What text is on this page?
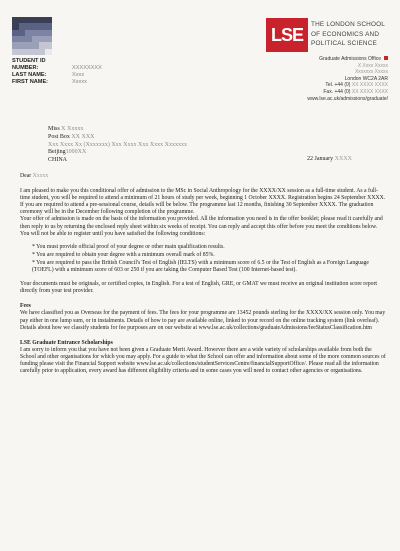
STUDENT ID NUMBER:	XXXXXXXX
LAST NAME:	Xxxx
FIRST NAME:	Xxxxx
LSE	THE LONDON SCHOOL
OF ECONOMICS AND
POLITICAL SCIENCE
Graduate Admissions Office
X Xxxx Xxxxx
Xxxxxxx Xxxxx
London WC2A 2AR
Tel. +44 (0) XX XXXX XXXX
Fax. +44 (0) XX XXXX XXXX
www.lse.ac.uk/admissions/graduate/
Miss X Xxxxx
Post Box XX XXX
Xxx Xxxx Xx (Xxxxxxx) Xxx Xxxx Xxx Xxxx Xxxxxxx
Beijing1000XX
CHINA	22 January XXXX

Dear Xxxxx

I am pleased to make you this conditional offer of admission to the MSc in Social Anthropology for the XXXX/XX session as a full-time student. As a full-time student, you will be required to attend a minimum of 21 hours of study per week, beginning 1 October XXXX. Registration begins 24 September XXXX. If you are required to attend a pre-sessional course, details will be below. The programme last 12 months, finishing 30 September XXXX. The graduation ceremony will be in the December following completion of the programme.

Your offer of admission is made on the basis of the information you provided. All the information you need is in the offer booklet; please read it carefully and then reply to us by returning the enclosed reply sheet within six weeks of receipt. You can reply and accept this offer before you meet the conditions below. You will not be able to register until you have satisfied the following conditions:

* You must provide official proof of your degree or other main qualification results.
* You are required to obtain your degree with a minimum overall mark of 85%.
* You are required to pass the British Council's Test of English (IELTS) with a minimum score of 6.5 or the Test of English as a Foreign Language (TOEFL) with a minimum score of 603 or 250 if you are taking the Computer Based Test (100 Internet-based test).

Your documents must be originals, or certified copies, in English. For a test of English, GRE, or GMAT we must receive an original institution score report directly from your test provider.

Fees

We have classified you as Overseas for the payment of fees. The fees for your programme are 13452 pounds sterling for the XXXX/XX session only. You may pay either in one lump sum, or in instalments. Details of how to pay are available online, linked to your record on the online tracking system (link overleaf). Details about how we classify students for fee purposes are on our website at www.lse.ac.uk/collections/graduateAdmissions/feeStatusClassification.htm

LSE Graduate Entrance Scholarships

I am sorry to inform you that you have not been given a Graduate Merit Award. However there are a wide variety of scholarships available from both the School and other organisations for which you may apply. For a guide to what the School can offer and information about some of the more common sources of funding please visit the Financial Support website www.lse.ac.uk/collections/studentServicesCentre/financialSupportOffice/. Please read all the information carefully prior to application, every award has different eligibility criteria and in some cases you will need to contact other agencies or organisations.
